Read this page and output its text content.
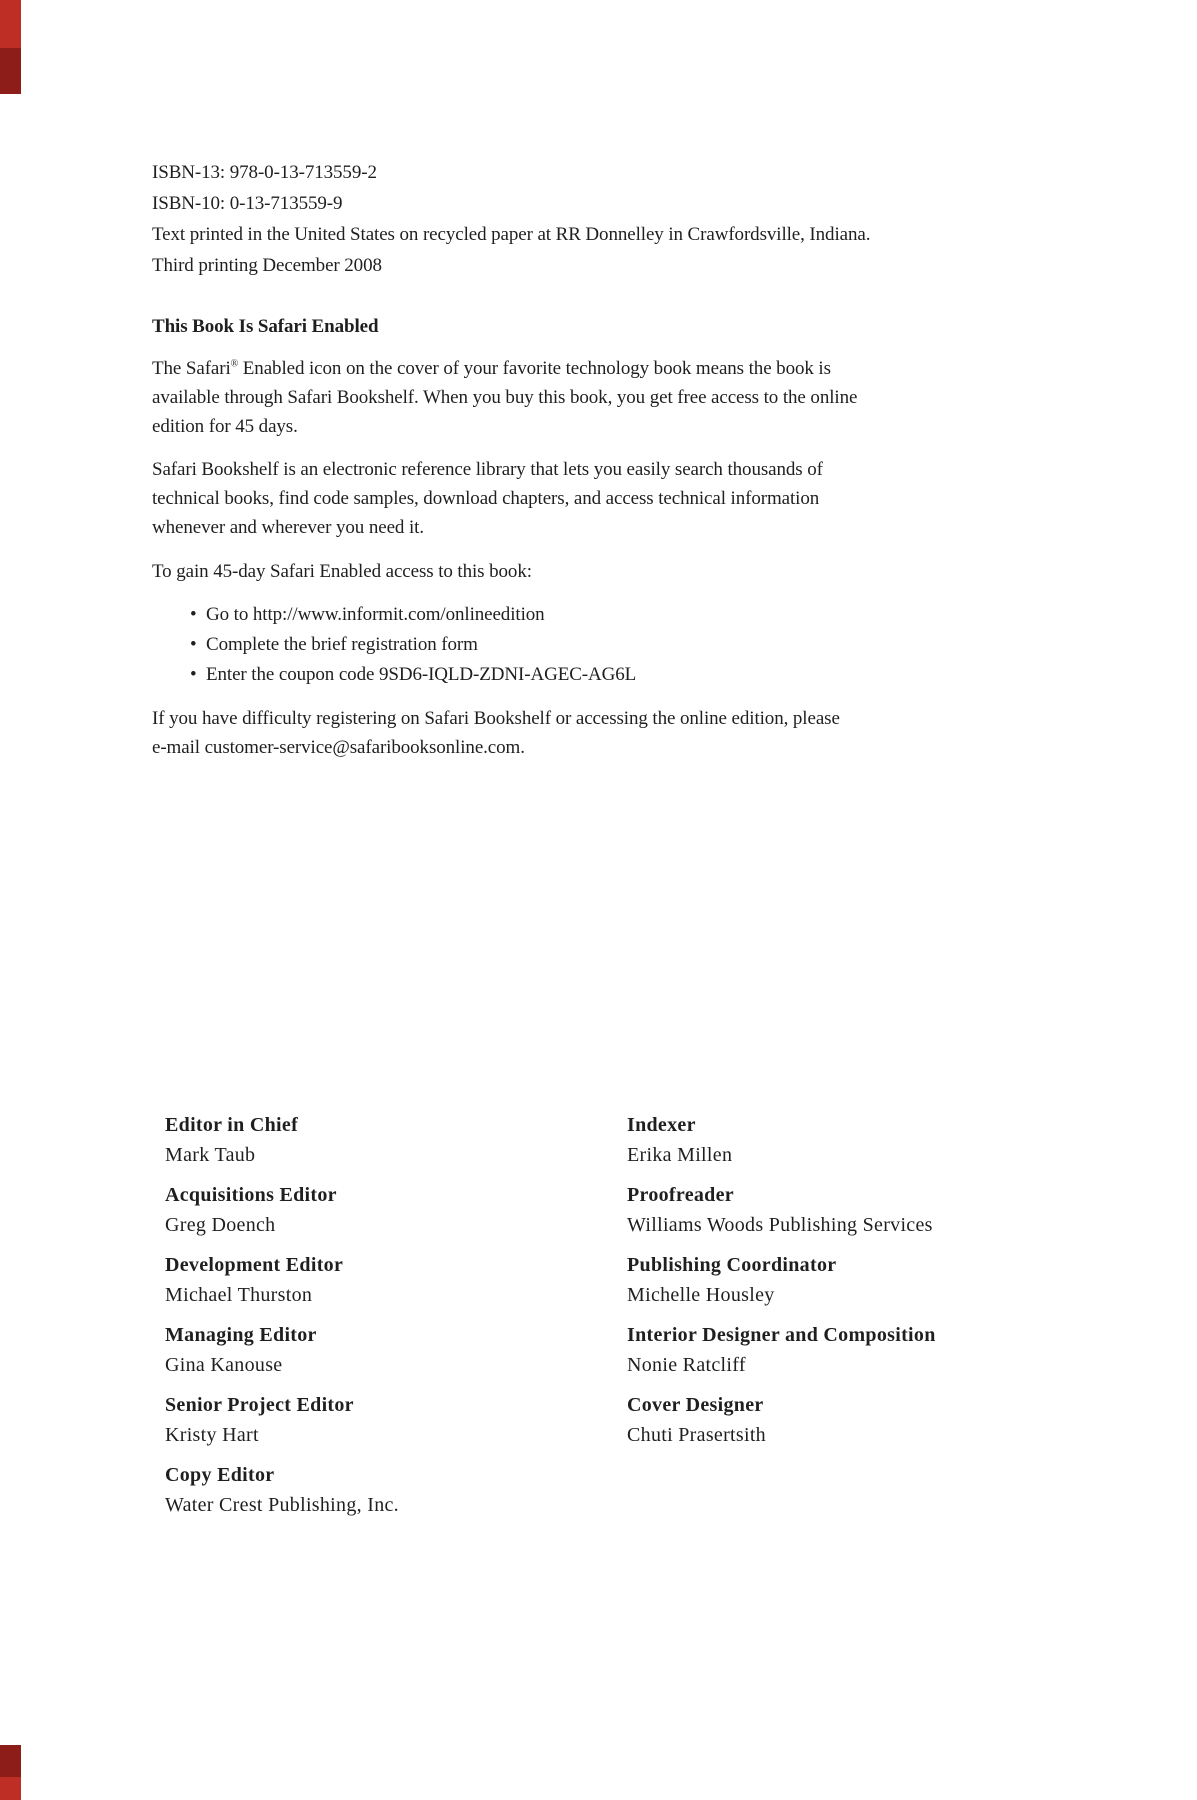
ISBN-13: 978-0-13-713559-2
ISBN-10: 0-13-713559-9
Text printed in the United States on recycled paper at RR Donnelley in Crawfordsville, Indiana.
Third printing December 2008
This Book Is Safari Enabled
The Safari® Enabled icon on the cover of your favorite technology book means the book is
available through Safari Bookshelf. When you buy this book, you get free access to the online
edition for 45 days.
Safari Bookshelf is an electronic reference library that lets you easily search thousands of
technical books, find code samples, download chapters, and access technical information
whenever and wherever you need it.
To gain 45-day Safari Enabled access to this book:
• Go to http://www.informit.com/onlineedition
• Complete the brief registration form
• Enter the coupon code 9SD6-IQLD-ZDNI-AGEC-AG6L
If you have difficulty registering on Safari Bookshelf or accessing the online edition, please
e-mail customer-service@safaribooksonline.com.
Editor in Chief
Mark Taub
Acquisitions Editor
Greg Doench
Development Editor
Michael Thurston
Managing Editor
Gina Kanouse
Senior Project Editor
Kristy Hart
Copy Editor
Water Crest Publishing, Inc.
Indexer
Erika Millen
Proofreader
Williams Woods Publishing Services
Publishing Coordinator
Michelle Housley
Interior Designer and Composition
Nonie Ratcliff
Cover Designer
Chuti Prasertsith
